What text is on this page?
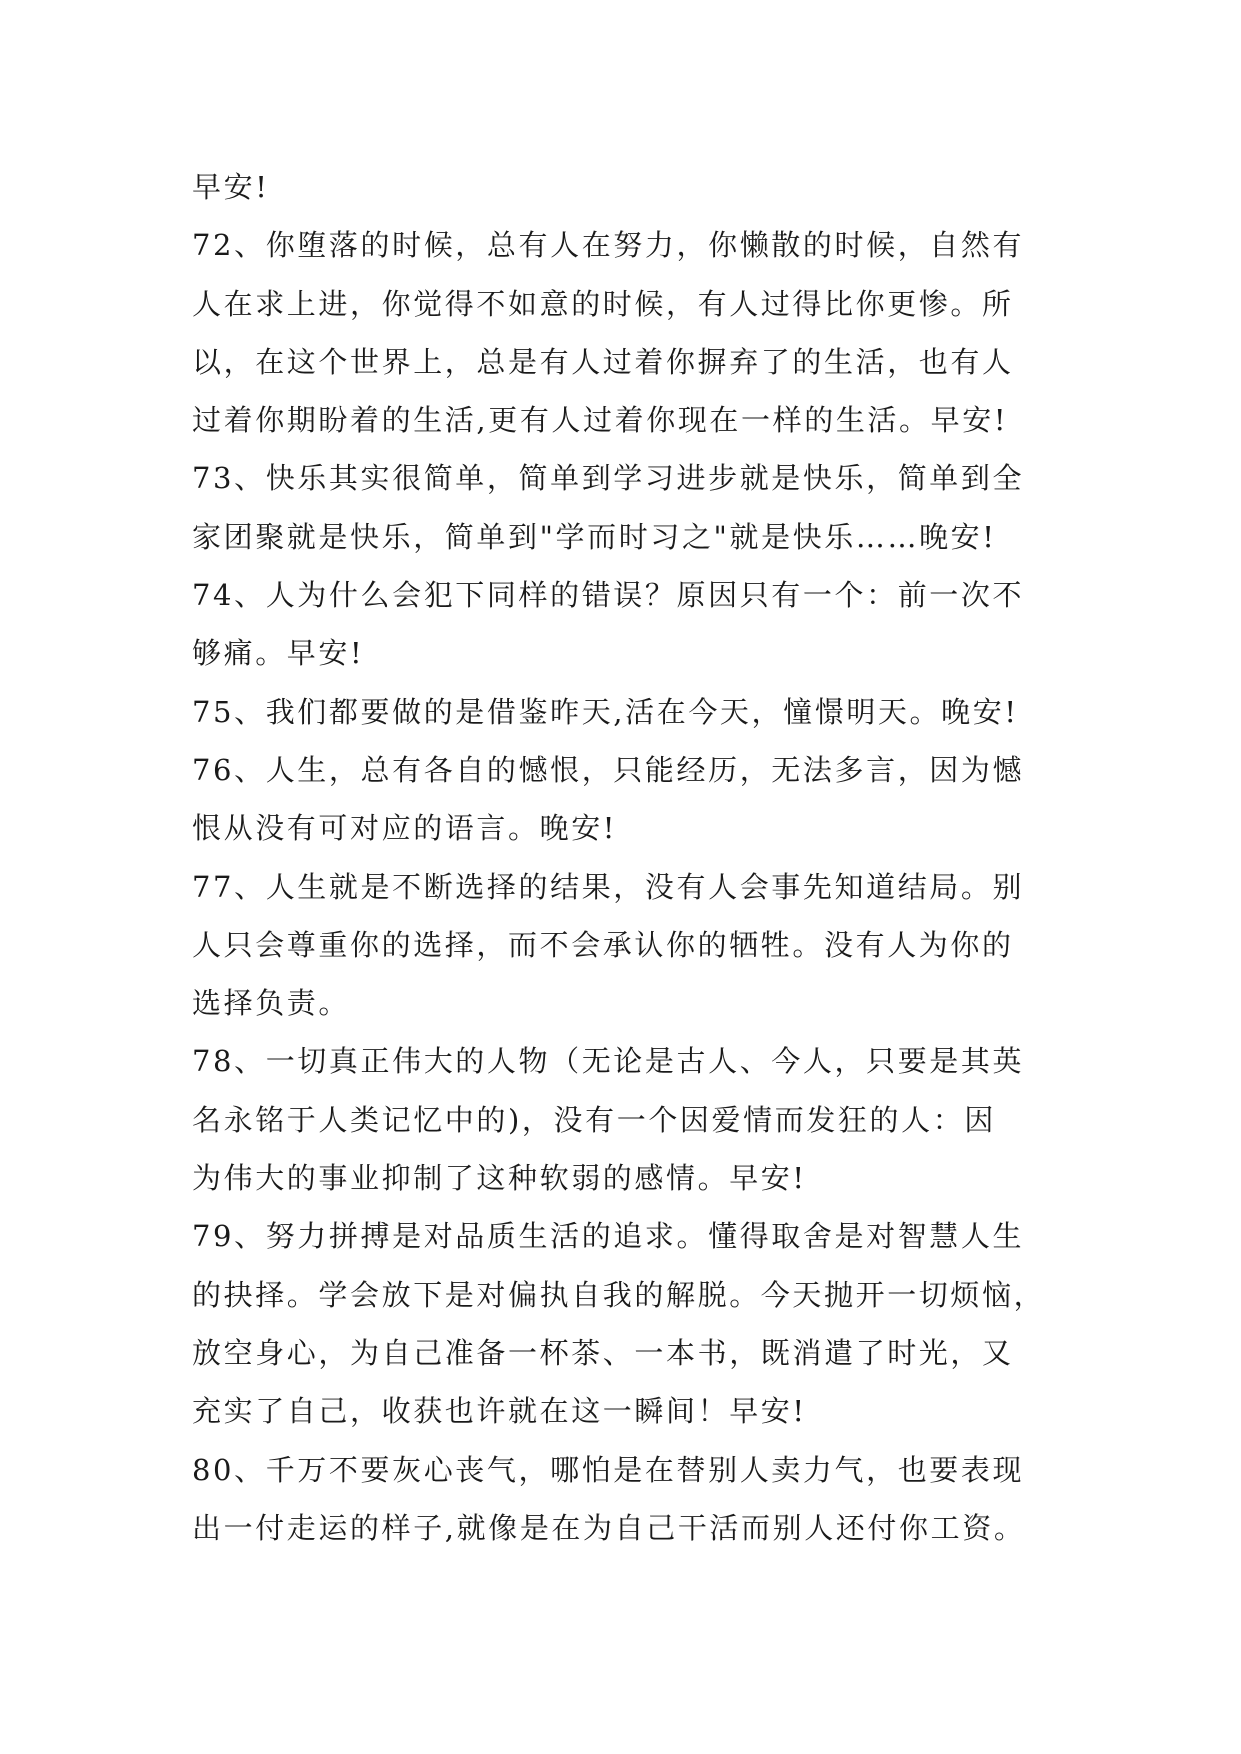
早安!
72、你堕落的时候，总有人在努力，你懒散的时候，自然有
人在求上进，你觉得不如意的时候，有人过得比你更惨。所
以，在这个世界上，总是有人过着你摒弃了的生活，也有人
过着你期盼着的生活,更有人过着你现在一样的生活。早安!
73、快乐其实很简单，简单到学习进步就是快乐，简单到全
家团聚就是快乐，简单到"学而时习之"就是快乐……晚安!
74、人为什么会犯下同样的错误？原因只有一个：前一次不
够痛。早安!
75、我们都要做的是借鉴昨天,活在今天，憧憬明天。晚安!
76、人生，总有各自的憾恨，只能经历，无法多言，因为憾
恨从没有可对应的语言。晚安!
77、人生就是不断选择的结果，没有人会事先知道结局。别
人只会尊重你的选择，而不会承认你的牺牲。没有人为你的
选择负责。
78、一切真正伟大的人物（无论是古人、今人，只要是其英
名永铭于人类记忆中的)，没有一个因爱情而发狂的人：因
为伟大的事业抑制了这种软弱的感情。早安!
79、努力拼搏是对品质生活的追求。懂得取舍是对智慧人生
的抉择。学会放下是对偏执自我的解脱。今天抛开一切烦恼，
放空身心，为自己准备一杯茶、一本书，既消遣了时光，又
充实了自己，收获也许就在这一瞬间！早安!
80、千万不要灰心丧气，哪怕是在替别人卖力气，也要表现
出一付走运的样子,就像是在为自己干活而别人还付你工资。
